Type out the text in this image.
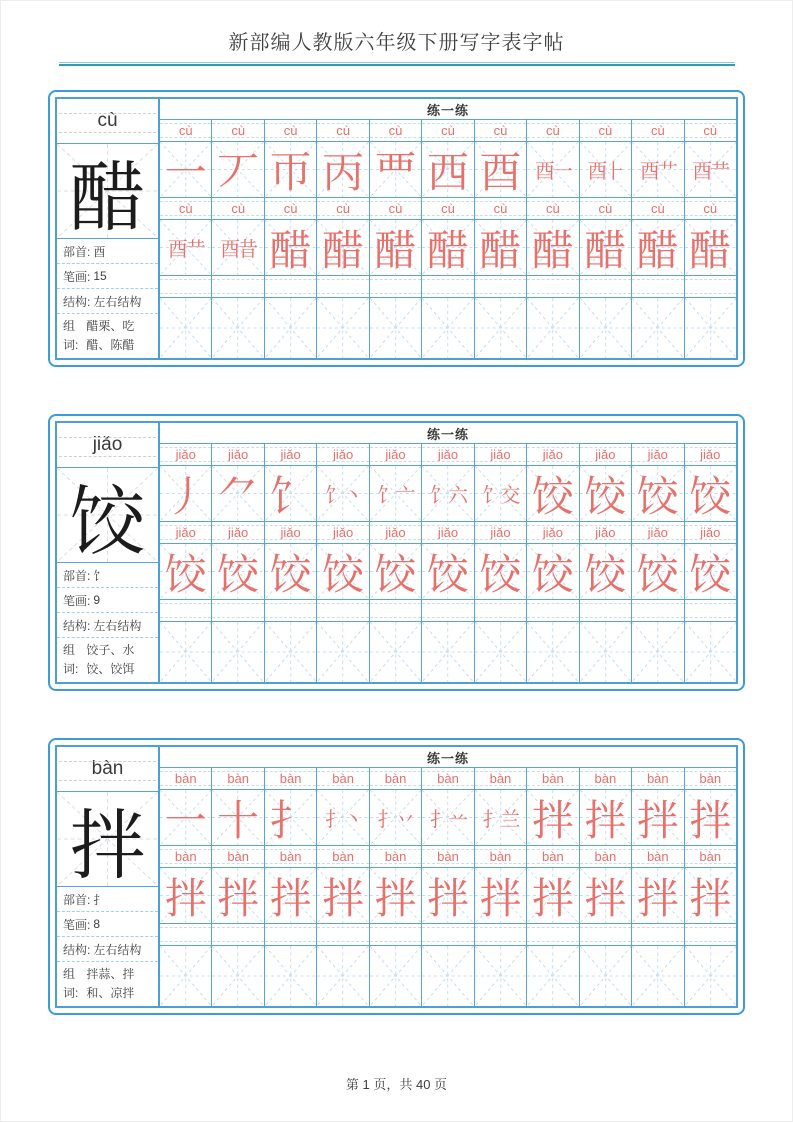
新部编人教版六年级下册写字表字帖
cù
醋
部首: 酉
笔画: 15
结构: 左右结构
组词:
醋栗、吃醋、陈醋
练一练
cù	cù	cù	cù	cù	cù	cù	cù	cù	cù	cù
一 丆 帀 丙 覀 西 酉 酉一 酉⺊ 酉艹 酉龷
cù	cù	cù	cù	cù	cù	cù	cù	cù	cù	cù
酉龷 酉昔 醋 醋 醋 醋 醋 醋 醋 醋 醋
jiǎo
饺
部首: 饣
笔画: 9
结构: 左右结构
组词:
饺子、水饺、饺饵
练一练
jiǎo jiǎo jiǎo jiǎo jiǎo jiǎo jiǎo jiǎo jiǎo jiǎo jiǎo
丿 ⺈ 饣 饣丶 饣亠 饣六 饣交 饺 饺 饺 饺
jiǎo jiǎo jiǎo jiǎo jiǎo jiǎo jiǎo jiǎo jiǎo jiǎo jiǎo
饺 饺 饺 饺 饺 饺 饺 饺 饺 饺 饺
bàn
拌
部首: 扌
笔画: 8
结构: 左右结构
组词:
拌蒜、拌和、凉拌
练一练
bàn bàn bàn bàn bàn bàn bàn bàn bàn bàn bàn
一 十 扌 扌丶 扌丷 扌䒑 扌兰 拌 拌 拌 拌
bàn bàn bàn bàn bàn bàn bàn bàn bàn bàn bàn
拌 拌 拌 拌 拌 拌 拌 拌 拌 拌 拌
第 1 页，共 40 页
